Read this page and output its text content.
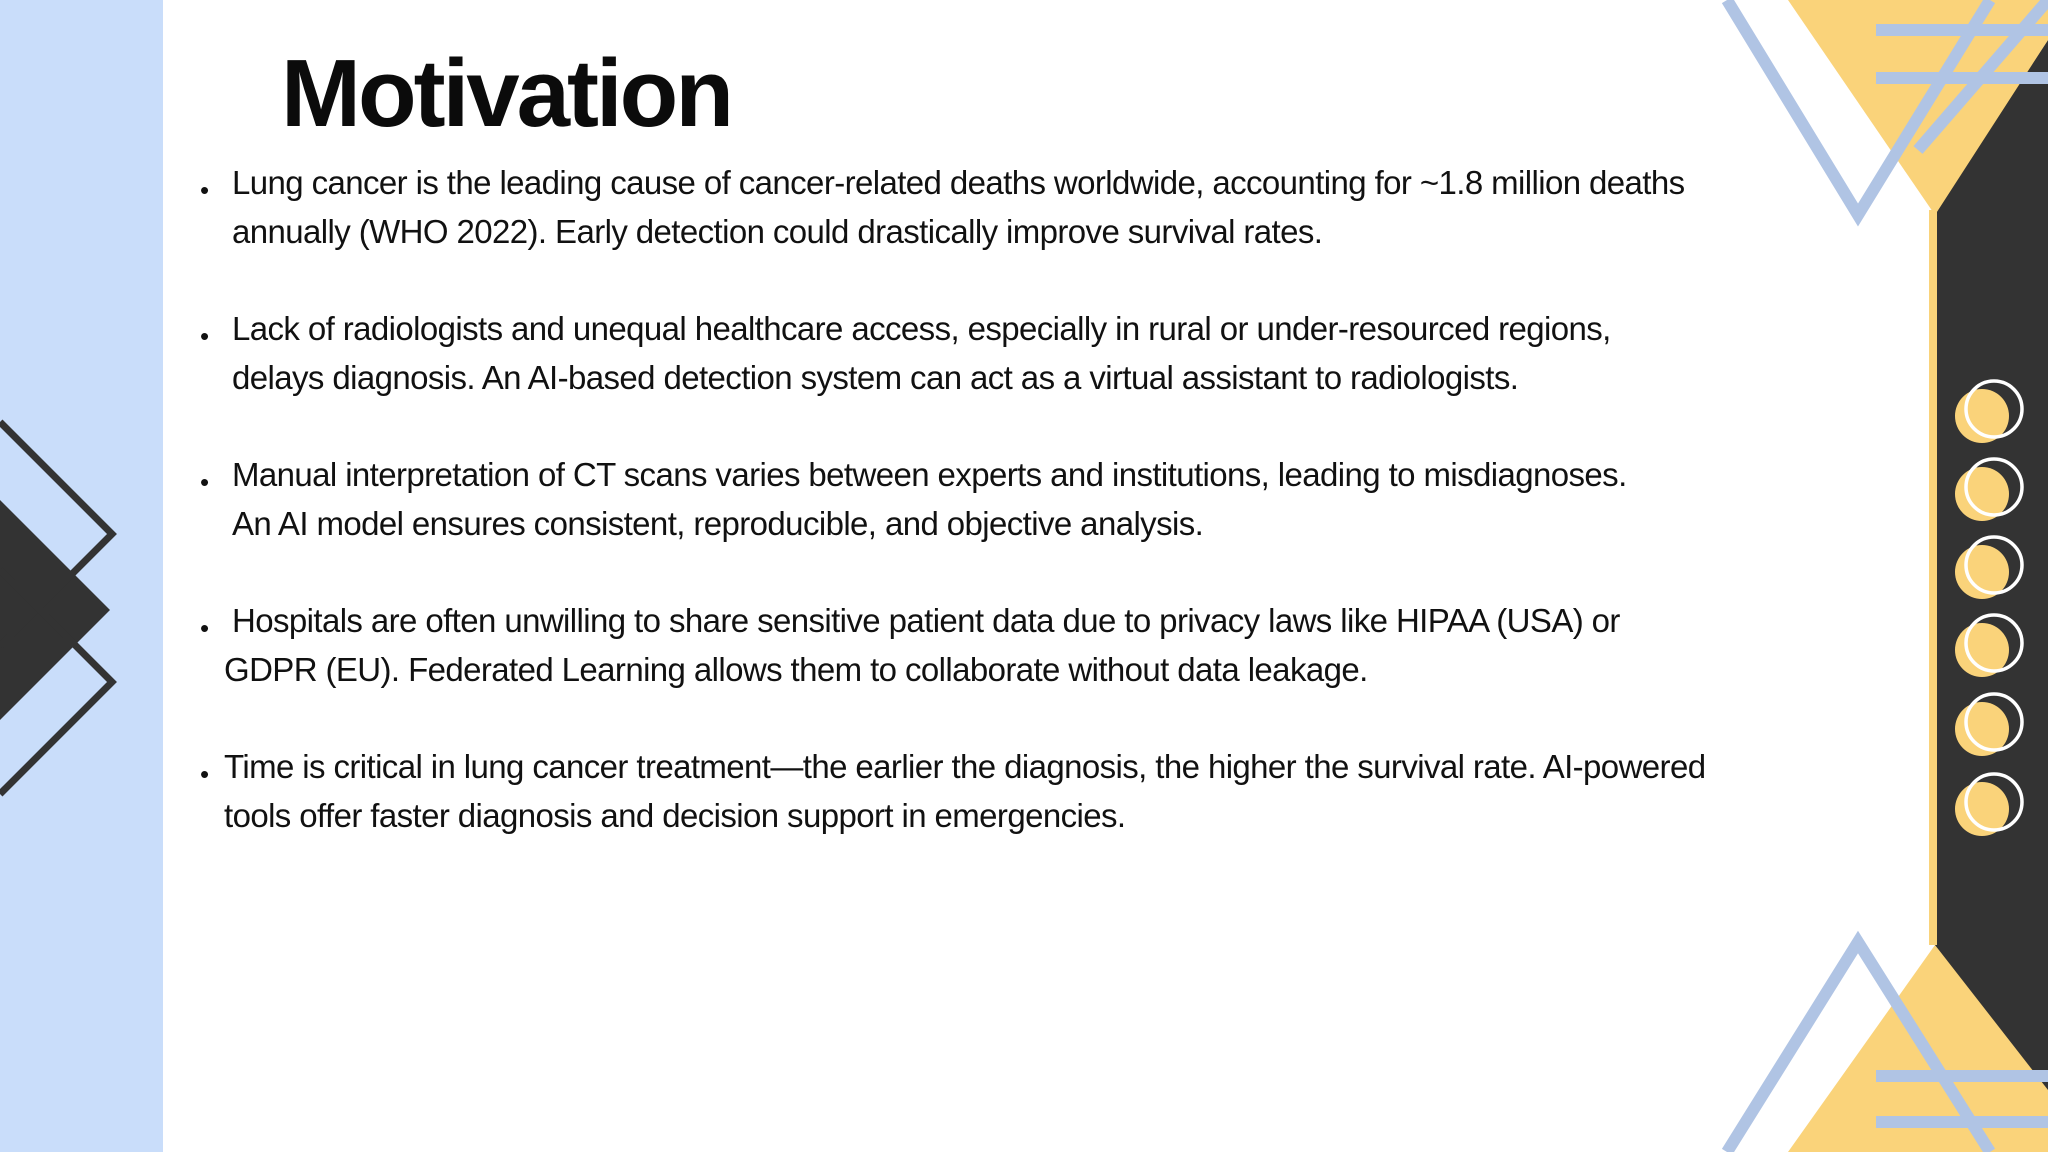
Motivation
• Lung cancer is the leading cause of cancer-related deaths worldwide, accounting for ~1.8 million deaths
annually (WHO 2022). Early detection could drastically improve survival rates.
• Lack of radiologists and unequal healthcare access, especially in rural or under-resourced regions,
delays diagnosis. An AI-based detection system can act as a virtual assistant to radiologists.
• Manual interpretation of CT scans varies between experts and institutions, leading to misdiagnoses.
An AI model ensures consistent, reproducible, and objective analysis.
• Hospitals are often unwilling to share sensitive patient data due to privacy laws like HIPAA (USA) or
GDPR (EU). Federated Learning allows them to collaborate without data leakage.
• Time is critical in lung cancer treatment—the earlier the diagnosis, the higher the survival rate. AI-powered
tools offer faster diagnosis and decision support in emergencies.
